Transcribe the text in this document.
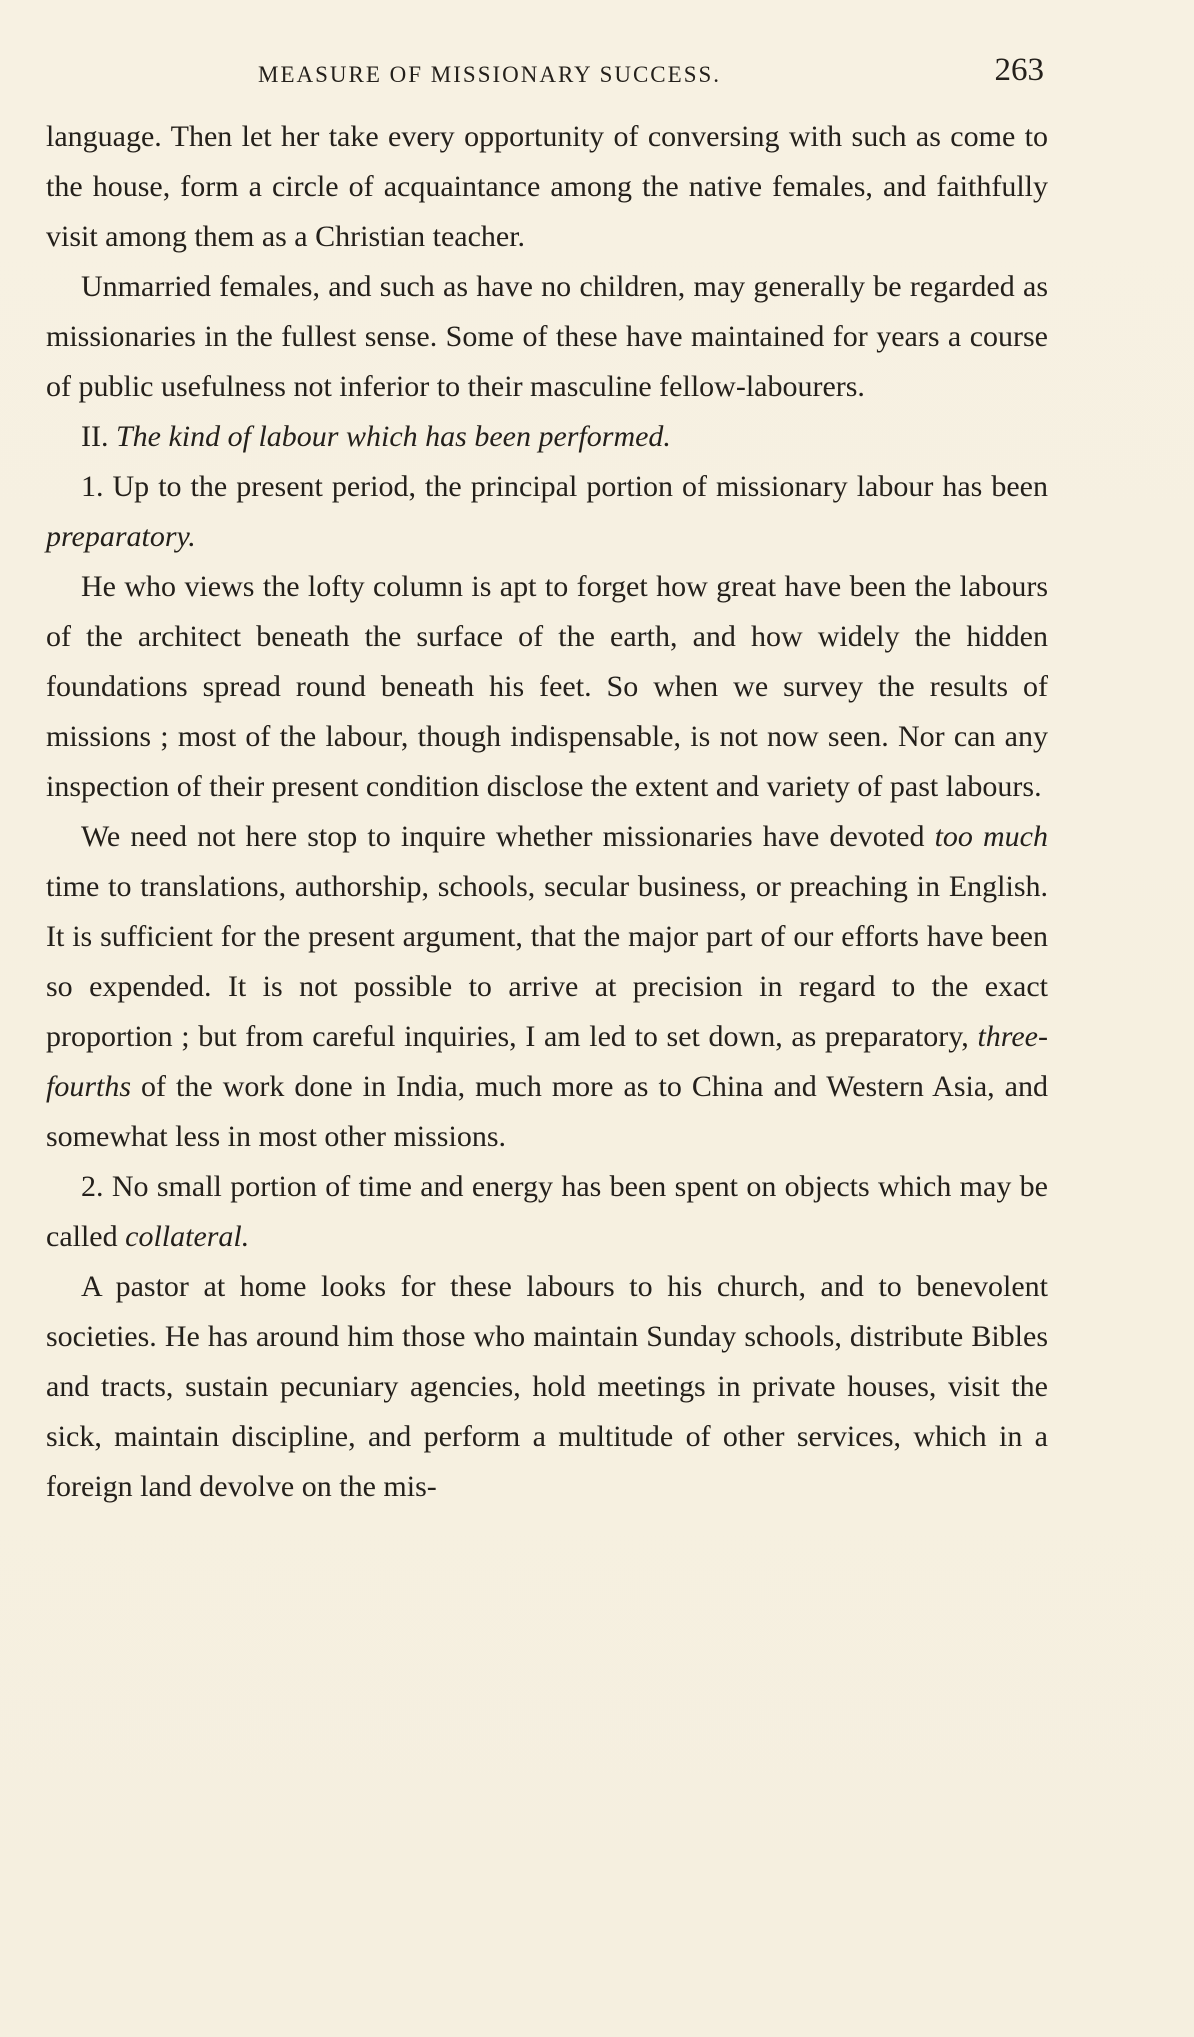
MEASURE OF MISSIONARY SUCCESS.	263

language. Then let her take every opportunity of conversing with such as come to the house, form a circle of acquaintance among the native females, and faithfully visit among them as a Christian teacher.

Unmarried females, and such as have no children, may generally be regarded as missionaries in the fullest sense. Some of these have maintained for years a course of public usefulness not inferior to their masculine fellow-labourers.

II. The kind of labour which has been performed.

1. Up to the present period, the principal portion of missionary labour has been preparatory.

He who views the lofty column is apt to forget how great have been the labours of the architect beneath the surface of the earth, and how widely the hidden foundations spread round beneath his feet. So when we survey the results of missions ; most of the labour, though indispensable, is not now seen. Nor can any inspection of their present condition disclose the extent and variety of past labours.

We need not here stop to inquire whether missionaries have devoted too much time to translations, authorship, schools, secular business, or preaching in English. It is sufficient for the present argument, that the major part of our efforts have been so expended. It is not possible to arrive at precision in regard to the exact proportion ; but from careful inquiries, I am led to set down, as preparatory, three-fourths of the work done in India, much more as to China and Western Asia, and somewhat less in most other missions.

2. No small portion of time and energy has been spent on objects which may be called collateral.

A pastor at home looks for these labours to his church, and to benevolent societies. He has around him those who maintain Sunday schools, distribute Bibles and tracts, sustain pecuniary agencies, hold meetings in private houses, visit the sick, maintain discipline, and perform a multitude of other services, which in a foreign land devolve on the mis-
